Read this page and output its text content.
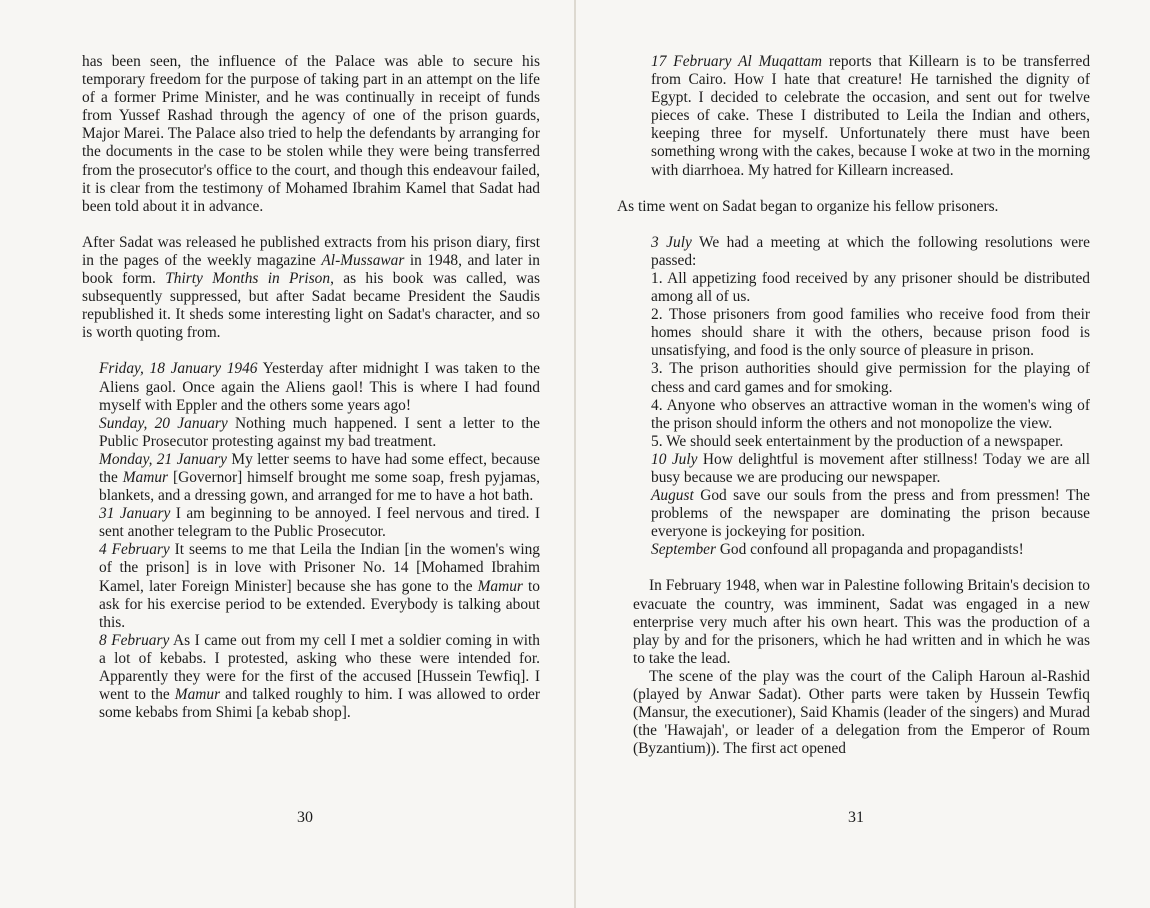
has been seen, the influence of the Palace was able to secure his temporary freedom for the purpose of taking part in an attempt on the life of a former Prime Minister, and he was continually in receipt of funds from Yussef Rashad through the agency of one of the prison guards, Major Marei. The Palace also tried to help the defendants by arranging for the documents in the case to be stolen while they were being transferred from the prosecutor's office to the court, and though this endeavour failed, it is clear from the testimony of Mohamed Ibrahim Kamel that Sadat had been told about it in advance.

After Sadat was released he published extracts from his prison diary, first in the pages of the weekly magazine Al-Mussawar in 1948, and later in book form. Thirty Months in Prison, as his book was called, was subsequently suppressed, but after Sadat became President the Saudis republished it. It sheds some interesting light on Sadat's character, and so is worth quoting from.

Friday, 18 January 1946 Yesterday after midnight I was taken to the Aliens gaol. Once again the Aliens gaol! This is where I had found myself with Eppler and the others some years ago!

Sunday, 20 January Nothing much happened. I sent a letter to the Public Prosecutor protesting against my bad treatment.

Monday, 21 January My letter seems to have had some effect, because the Mamur [Governor] himself brought me some soap, fresh pyjamas, blankets, and a dressing gown, and arranged for me to have a hot bath.

31 January I am beginning to be annoyed. I feel nervous and tired. I sent another telegram to the Public Prosecutor.

4 February It seems to me that Leila the Indian [in the women's wing of the prison] is in love with Prisoner No. 14 [Mohamed Ibrahim Kamel, later Foreign Minister] because she has gone to the Mamur to ask for his exercise period to be extended. Everybody is talking about this.

8 February As I came out from my cell I met a soldier coming in with a lot of kebabs. I protested, asking who these were intended for. Apparently they were for the first of the accused [Hussein Tewfiq]. I went to the Mamur and talked roughly to him. I was allowed to order some kebabs from Shimi [a kebab shop].

30

17 February Al Muqattam reports that Killearn is to be transferred from Cairo. How I hate that creature! He tarnished the dignity of Egypt. I decided to celebrate the occasion, and sent out for twelve pieces of cake. These I distributed to Leila the Indian and others, keeping three for myself. Unfortunately there must have been something wrong with the cakes, because I woke at two in the morning with diarrhoea. My hatred for Killearn increased.

As time went on Sadat began to organize his fellow prisoners.

3 July We had a meeting at which the following resolutions were passed:

1. All appetizing food received by any prisoner should be distributed among all of us.

2. Those prisoners from good families who receive food from their homes should share it with the others, because prison food is unsatisfying, and food is the only source of pleasure in prison.

3. The prison authorities should give permission for the playing of chess and card games and for smoking.

4. Anyone who observes an attractive woman in the women's wing of the prison should inform the others and not monopolize the view.

5. We should seek entertainment by the production of a newspaper.

10 July How delightful is movement after stillness! Today we are all busy because we are producing our newspaper.

August God save our souls from the press and from pressmen! The problems of the newspaper are dominating the prison because everyone is jockeying for position.

September God confound all propaganda and propagandists!

In February 1948, when war in Palestine following Britain's decision to evacuate the country, was imminent, Sadat was engaged in a new enterprise very much after his own heart. This was the production of a play by and for the prisoners, which he had written and in which he was to take the lead.

The scene of the play was the court of the Caliph Haroun al-Rashid (played by Anwar Sadat). Other parts were taken by Hussein Tewfiq (Mansur, the executioner), Said Khamis (leader of the singers) and Murad (the 'Hawajah', or leader of a delegation from the Emperor of Roum (Byzantium)). The first act opened

31
